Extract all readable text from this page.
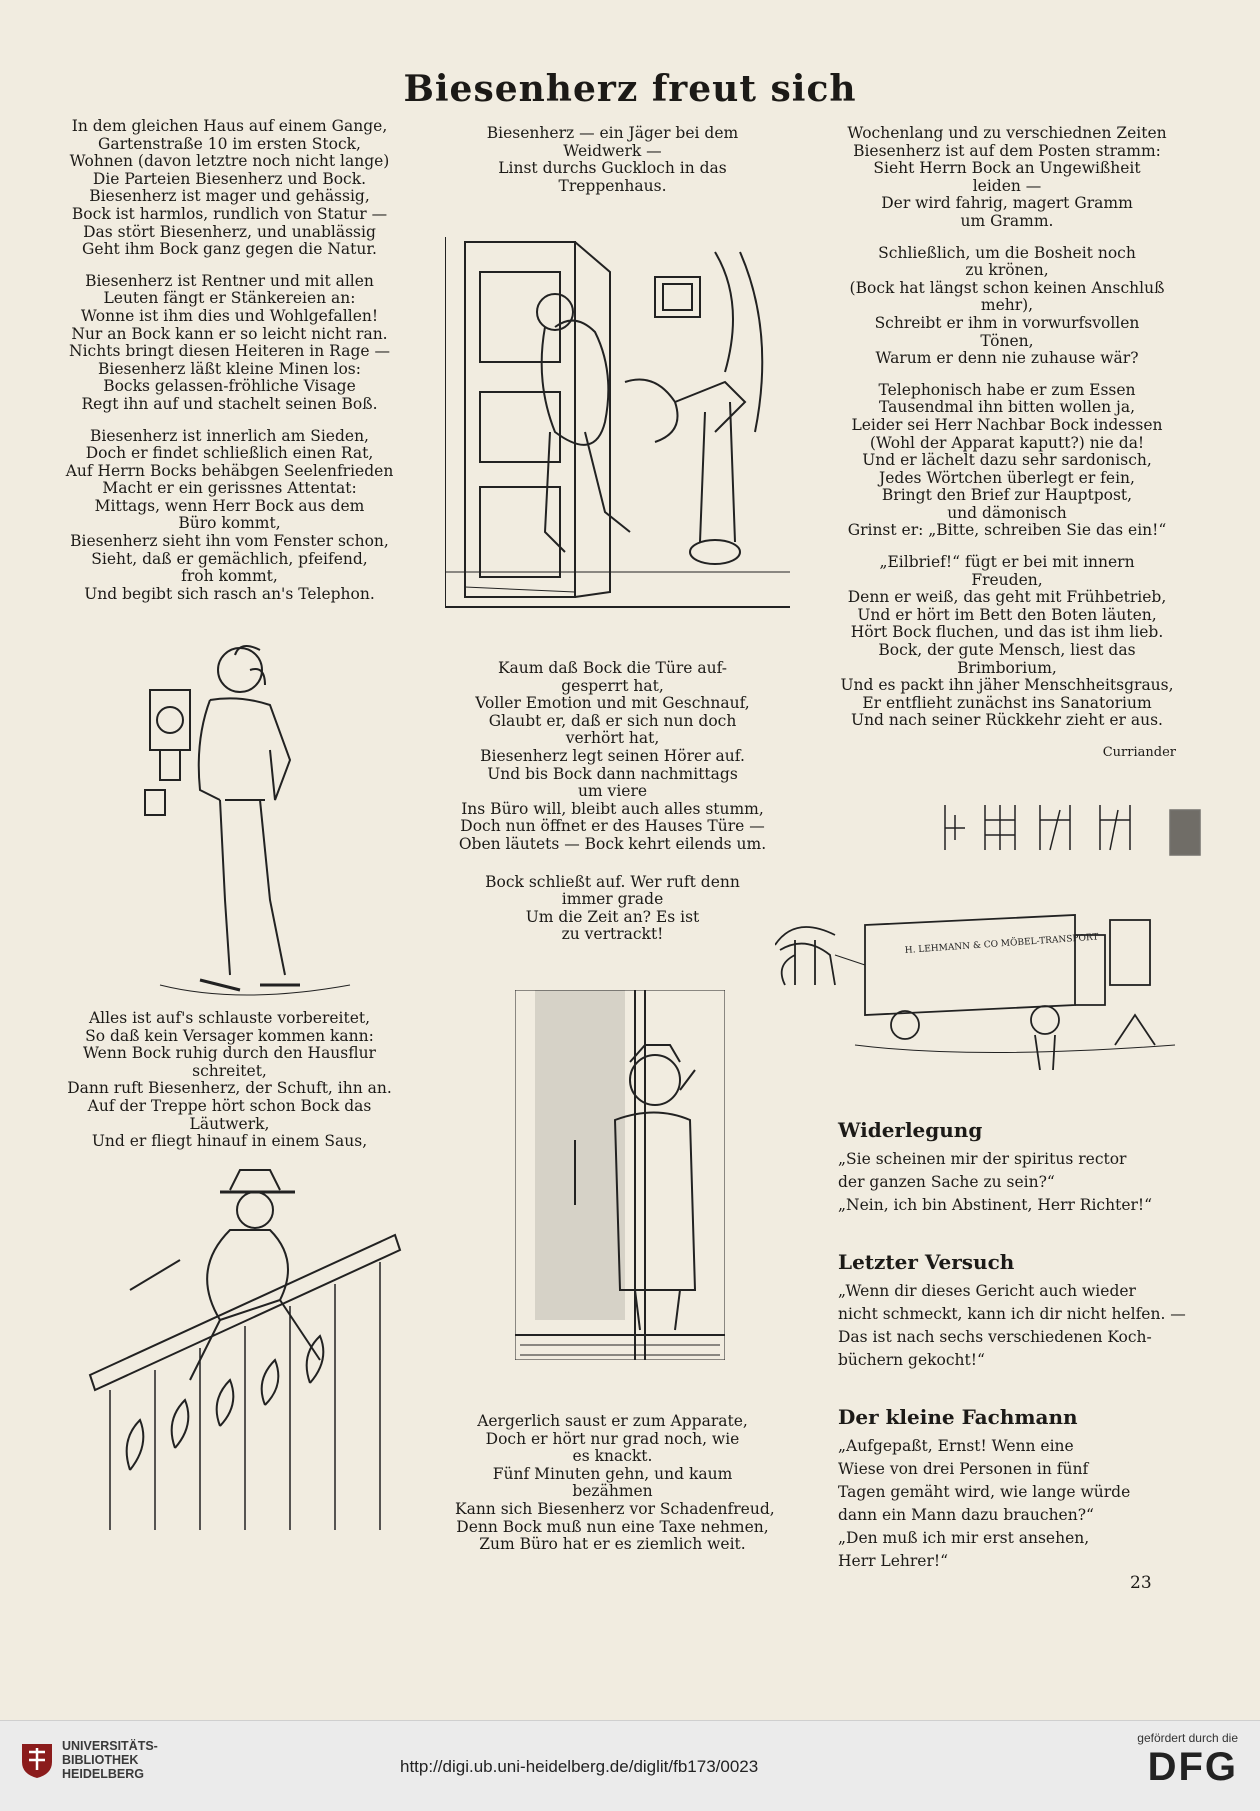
Biesenherz freut sich

In dem gleichen Haus auf einem Gange,
Gartenstraße 10 im ersten Stock,
Wohnen (davon letztre noch nicht lange)
Die Parteien Biesenherz und Bock.
Biesenherz ist mager und gehässig,
Bock ist harmlos, rundlich von Statur —
Das stört Biesenherz, und unablässig
Geht ihm Bock ganz gegen die Natur.

Biesenherz ist Rentner und mit allen
Leuten fängt er Stänkereien an:
Wonne ist ihm dies und Wohlgefallen!
Nur an Bock kann er so leicht nicht ran.
Nichts bringt diesen Heiteren in Rage —
Biesenherz läßt kleine Minen los:
Bocks gelassen-fröhliche Visage
Regt ihn auf und stachelt seinen Boß.

Biesenherz ist innerlich am Sieden,
Doch er findet schließlich einen Rat,
Auf Herrn Bocks behäbgen Seelenfrieden
Macht er ein gerissnes Attentat:
Mittags, wenn Herr Bock aus dem
Büro kommt,
Biesenherz sieht ihn vom Fenster schon,
Sieht, daß er gemächlich, pfeifend,
froh kommt,
Und begibt sich rasch an's Telephon.

Alles ist auf's schlauste vorbereitet,
So daß kein Versager kommen kann:
Wenn Bock ruhig durch den Hausflur
schreitet,
Dann ruft Biesenherz, der Schuft, ihn an.
Auf der Treppe hört schon Bock das
Läutwerk,
Und er fliegt hinauf in einem Saus,

Biesenherz — ein Jäger bei dem
Weidwerk —
Linst durchs Guckloch in das
Treppenhaus.

Kaum daß Bock die Türe auf-
gesperrt hat,
Voller Emotion und mit Geschnauf,
Glaubt er, daß er sich nun doch
verhört hat,
Biesenherz legt seinen Hörer auf.
Und bis Bock dann nachmittags
um viere
Ins Büro will, bleibt auch alles stumm,
Doch nun öffnet er des Hauses Türe —
Oben läutets — Bock kehrt eilends um.

Bock schließt auf. Wer ruft denn
immer grade
Um die Zeit an? Es ist
zu vertrackt!

Aergerlich saust er zum Apparate,
Doch er hört nur grad noch, wie
es knackt.
Fünf Minuten gehn, und kaum
bezähmen
Kann sich Biesenherz vor Schadenfreud,
Denn Bock muß nun eine Taxe nehmen,
Zum Büro hat er es ziemlich weit.

Wochenlang und zu verschiednen Zeiten
Biesenherz ist auf dem Posten stramm:
Sieht Herrn Bock an Ungewißheit
leiden —
Der wird fahrig, magert Gramm
um Gramm.

Schließlich, um die Bosheit noch
zu krönen,
(Bock hat längst schon keinen Anschluß
mehr),
Schreibt er ihm in vorwurfsvollen
Tönen,
Warum er denn nie zuhause wär?

Telephonisch habe er zum Essen
Tausendmal ihn bitten wollen ja,
Leider sei Herr Nachbar Bock indessen
(Wohl der Apparat kaputt?) nie da!
Und er lächelt dazu sehr sardonisch,
Jedes Wörtchen überlegt er fein,
Bringt den Brief zur Hauptpost,
und dämonisch
Grinst er: „Bitte, schreiben Sie das ein!“

„Eilbrief!“ fügt er bei mit innern
Freuden,
Denn er weiß, das geht mit Frühbetrieb,
Und er hört im Bett den Boten läuten,
Hört Bock fluchen, und das ist ihm lieb.
Bock, der gute Mensch, liest das
Brimborium,
Und es packt ihn jäher Menschheitsgraus,
Er entflieht zunächst ins Sanatorium
Und nach seiner Rückkehr zieht er aus.

Curriander
Widerlegung
„Sie scheinen mir der spiritus rector
der ganzen Sache zu sein?“
„Nein, ich bin Abstinent, Herr Richter!“
Letzter Versuch
„Wenn dir dieses Gericht auch wieder
nicht schmeckt, kann ich dir nicht helfen. —
Das ist nach sechs verschiedenen Koch-
büchern gekocht!“
Der kleine Fachmann
„Aufgepaßt, Ernst! Wenn eine
Wiese von drei Personen in fünf
Tagen gemäht wird, wie lange würde
dann ein Mann dazu brauchen?“
„Den muß ich mir erst ansehen,
Herr Lehrer!“
23
H. LEHMANN & CO MÖBEL-TRANSPORT
UNIVERSITÄTS-
BIBLIOTHEK
HEIDELBERG	http://digi.ub.uni-heidelberg.de/diglit/fb173/0023
gefördert durch die
DFG
